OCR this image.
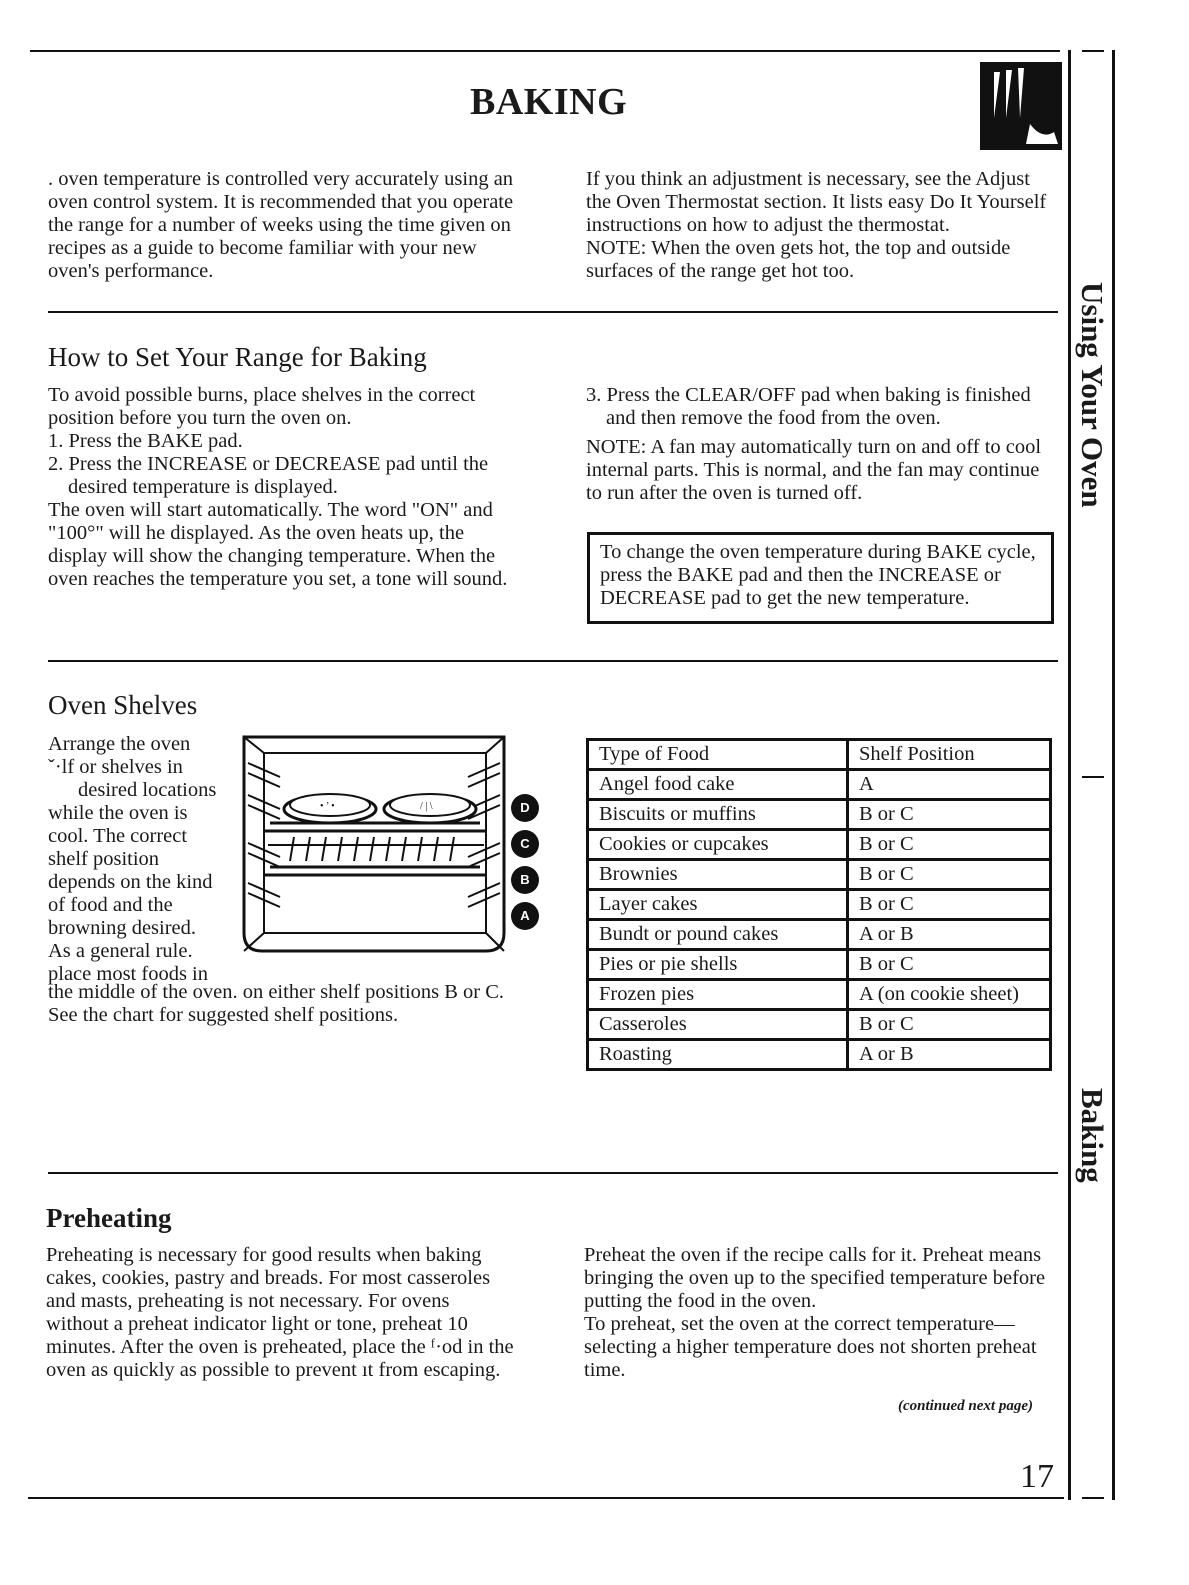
BAKING

. oven temperature is controlled very accurately using an oven control system. It is recommended that you operate the range for a number of weeks using the time given on recipes as a guide to become familiar with your new oven's performance.

If you think an adjustment is necessary, see the Adjust the Oven Thermostat section. It lists easy Do It Yourself instructions on how to adjust the thermostat.

NOTE: When the oven gets hot, the top and outside surfaces of the range get hot too.

How to Set Your Range for Baking

To avoid possible burns, place shelves in the correct position before you turn the oven on.

1. Press the BAKE pad.

2. Press the INCREASE or DECREASE pad until the desired temperature is displayed.

The oven will start automatically. The word "ON" and "100°" will he displayed. As the oven heats up, the display will show the changing temperature. When the oven reaches the temperature you set, a tone will sound.

3. Press the CLEAR/OFF pad when baking is finished and then remove the food from the oven.

NOTE: A fan may automatically turn on and off to cool internal parts. This is normal, and the fan may continue to run after the oven is turned off.

To change the oven temperature during BAKE cycle, press the BAKE pad and then the INCREASE or DECREASE pad to get the new temperature.

Oven Shelves

Arrange the oven

ˇ·lf or shelves in

desired locations

while the oven is

cool. The correct

shelf position

depends on the kind

of food and the

browning desired.

As a general rule.

place most foods in

the middle of the oven. on either shelf positions B or C. See the chart for suggested shelf positions.

• ’ •	/ | \	D
C
B
A
Type of Food	Shelf Position
Angel food cake	A
Biscuits or muffins	B or C
Cookies or cupcakes	B or C
Brownies	B or C
Layer cakes	B or C
Bundt or pound cakes	A or B
Pies or pie shells	B or C
Frozen pies	A (on cookie sheet)
Casseroles	B or C
Roasting	A or B
Preheating

Preheating is necessary for good results when baking cakes, cookies, pastry and breads. For most casseroles and masts, preheating is not necessary. For ovens without a preheat indicator light or tone, preheat 10 minutes. After the oven is preheated, place the ᶠ·od in the oven as quickly as possible to prevent ıt from escaping.

Preheat the oven if the recipe calls for it. Preheat means bringing the oven up to the specified temperature before putting the food in the oven.

To preheat, set the oven at the correct temperature— selecting a higher temperature does not shorten preheat time.

(continued next page)
Using Your Oven
Baking
17
